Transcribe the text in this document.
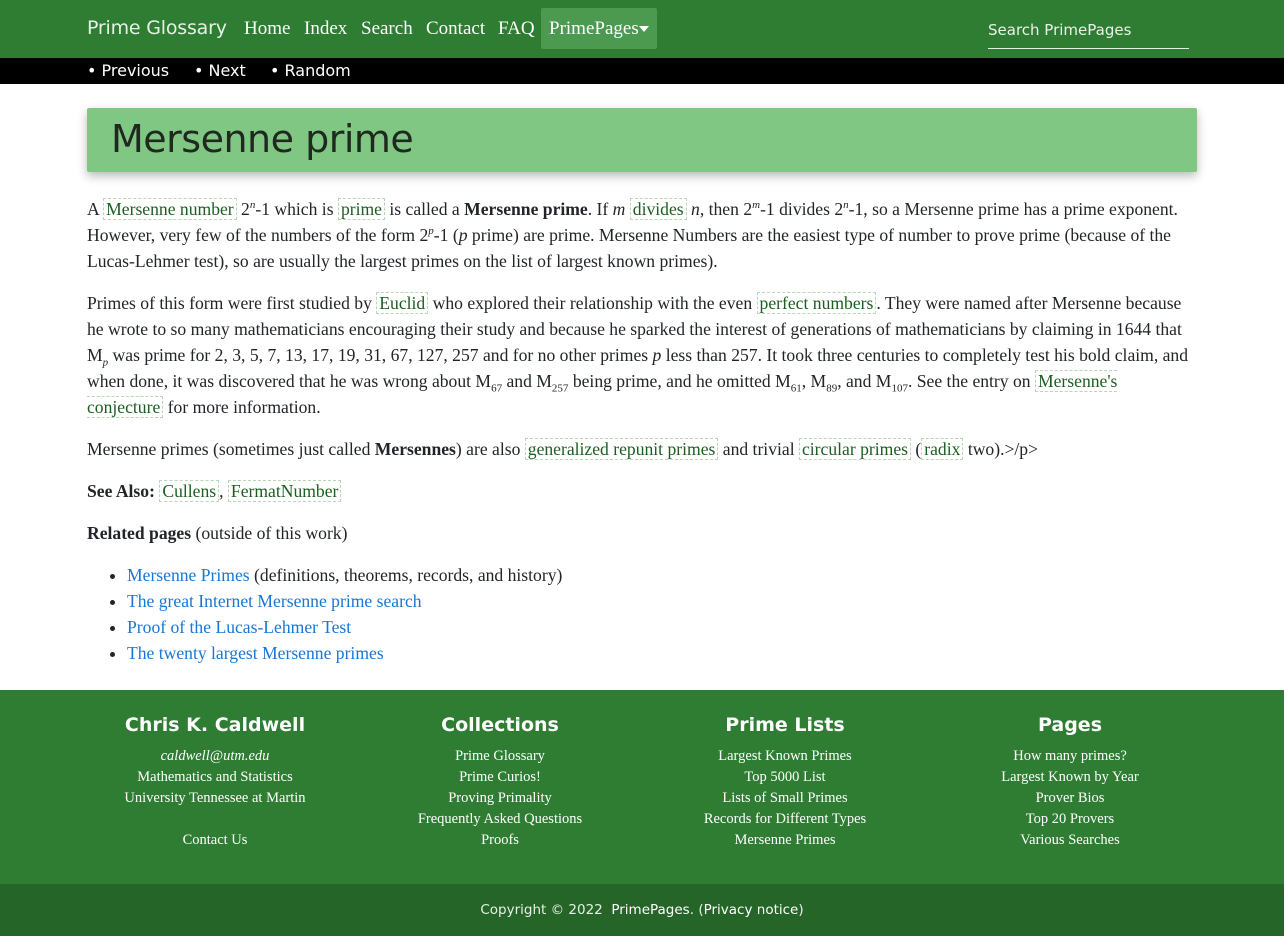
Prime Glossary Home Index Search Contact FAQ PrimePages
Search PrimePages
• Previous • Next • Random
Mersenne prime

A Mersenne number 2$^n$-1 which is prime is called a Mersenne prime. If m divides n, then 2$^m$-1 divides 2$^n$-1, so a Mersenne prime has a prime exponent. However, very few of the numbers of the form 2$^p$-1 (p prime) are prime. Mersenne Numbers are the easiest type of number to prove prime (because of the Lucas-Lehmer test), so are usually the largest primes on the list of largest known primes).

Primes of this form were first studied by Euclid who explored their relationship with the even perfect numbers . They were named after Mersenne because he wrote to so many mathematicians encouraging their study and because he sparked the interest of generations of mathematicians by claiming in 1644 that $M_p$ was prime for 2, 3, 5, 7, 13, 17, 19, 31, 67, 127, 257 and for no other primes p less than 257. It took three centuries to completely test his bold claim, and when done, it was discovered that he was wrong about $M_{67}$ and $M_{257}$ being prime, and he omitted $M_{61}$, $M_{89}$, and $M_{107}$. See the entry on Mersenne's conjecture for more information.

Mersenne primes (sometimes just called Mersennes) are also generalized repunit primes and trivial circular primes ( radix two).>/p>

See Also: Cullens , FermatNumber

Related pages (outside of this work)

• Mersenne Primes (definitions, theorems, records, and history)
• The great Internet Mersenne prime search
• Proof of the Lucas-Lehmer Test
• The twenty largest Mersenne primes
Chris K. Caldwell
caldwell@utm.edu
Mathematics and Statistics
University Tennessee at Martin

Contact Us
Collections
Prime Glossary
Prime Curios!
Proving Primality
Frequently Asked Questions
Proofs
Prime Lists
Largest Known Primes
Top 5000 List
Lists of Small Primes
Records for Different Types
Mersenne Primes
Pages
How many primes?
Largest Known by Year
Prover Bios
Top 20 Provers
Various Searches
Copyright © 2022 PrimePages. (Privacy notice)
